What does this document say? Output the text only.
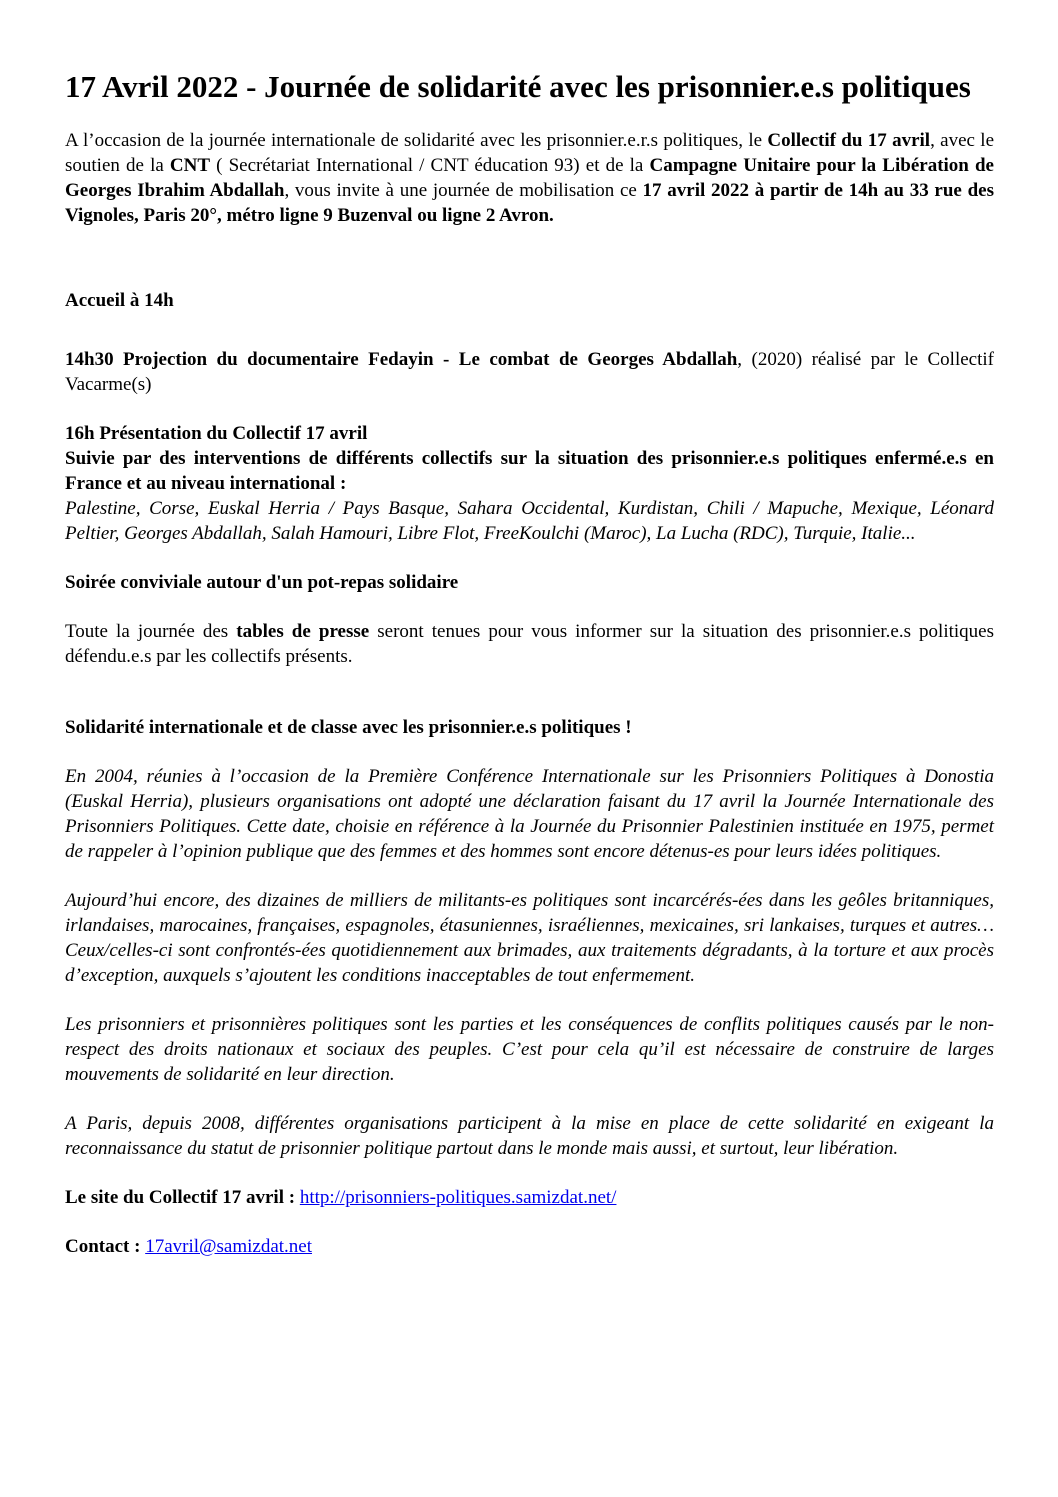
17 Avril 2022 - Journée de solidarité avec les prisonnier.e.s politiques

A l’occasion de la journée internationale de solidarité avec les prisonnier.e.r.s politiques, le Collectif du 17 avril, avec le soutien de la CNT ( Secrétariat International / CNT éducation 93) et de la Campagne Unitaire pour la Libération de Georges Ibrahim Abdallah, vous invite à une journée de mobilisation ce 17 avril 2022 à partir de 14h au 33 rue des Vignoles, Paris 20°, métro ligne 9 Buzenval ou ligne 2 Avron.

Accueil à 14h

14h30 Projection du documentaire Fedayin - Le combat de Georges Abdallah, (2020) réalisé par le Collectif Vacarme(s)

16h Présentation du Collectif 17 avril

Suivie par des interventions de différents collectifs sur la situation des prisonnier.e.s politiques enfermé.e.s en France et au niveau international :

Palestine, Corse, Euskal Herria / Pays Basque, Sahara Occidental, Kurdistan, Chili / Mapuche, Mexique, Léonard Peltier, Georges Abdallah, Salah Hamouri, Libre Flot, FreeKoulchi (Maroc), La Lucha (RDC), Turquie, Italie...

Soirée conviviale autour d'un pot-repas solidaire

Toute la journée des tables de presse seront tenues pour vous informer sur la situation des prisonnier.e.s politiques défendu.e.s par les collectifs présents.

Solidarité internationale et de classe avec les prisonnier.e.s politiques !

En 2004, réunies à l’occasion de la Première Conférence Internationale sur les Prisonniers Politiques à Donostia (Euskal Herria), plusieurs organisations ont adopté une déclaration faisant du 17 avril la Journée Internationale des Prisonniers Politiques. Cette date, choisie en référence à la Journée du Prisonnier Palestinien instituée en 1975, permet de rappeler à l’opinion publique que des femmes et des hommes sont encore détenus-es pour leurs idées politiques.

Aujourd’hui encore, des dizaines de milliers de militants-es politiques sont incarcérés-ées dans les geôles britanniques, irlandaises, marocaines, françaises, espagnoles, étasuniennes, israéliennes, mexicaines, sri lankaises, turques et autres… Ceux/celles-ci sont confrontés-ées quotidiennement aux brimades, aux traitements dégradants, à la torture et aux procès d’exception, auxquels s’ajoutent les conditions inacceptables de tout enfermement.

Les prisonniers et prisonnières politiques sont les parties et les conséquences de conflits politiques causés par le non-respect des droits nationaux et sociaux des peuples. C’est pour cela qu’il est nécessaire de construire de larges mouvements de solidarité en leur direction.

A Paris, depuis 2008, différentes organisations participent à la mise en place de cette solidarité en exigeant la reconnaissance du statut de prisonnier politique partout dans le monde mais aussi, et surtout, leur libération.

Le site du Collectif 17 avril : http://prisonniers-politiques.samizdat.net/

Contact : 17avril@samizdat.net
